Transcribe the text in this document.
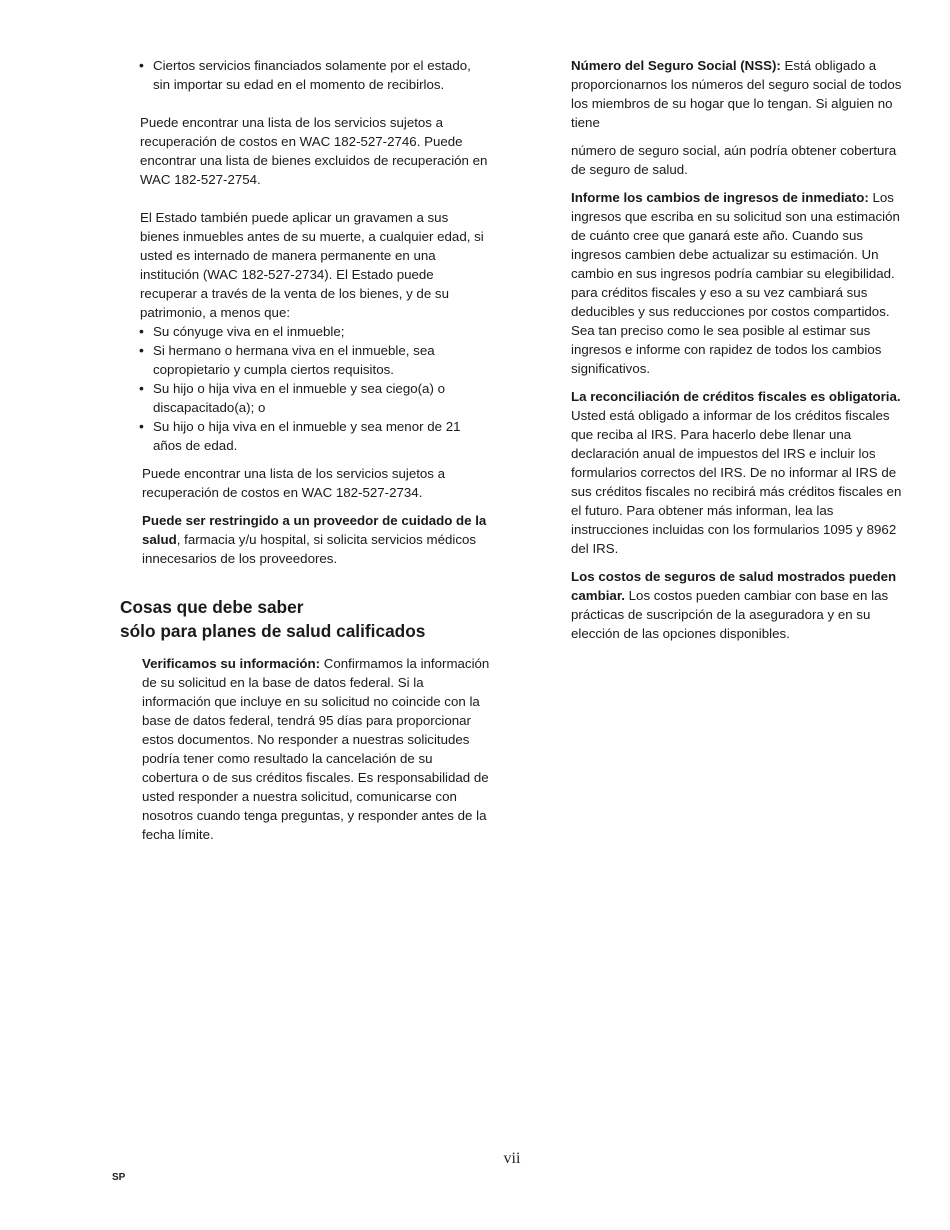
• Ciertos servicios financiados solamente por el estado, sin importar su edad en el momento de recibirlos.

Puede encontrar una lista de los servicios sujetos a recuperación de costos en WAC 182-527-2746. Puede encontrar una lista de bienes excluidos de recuperación en WAC 182-527-2754.

El Estado también puede aplicar un gravamen a sus bienes inmuebles antes de su muerte, a cualquier edad, si usted es internado de manera permanente en una institución (WAC 182-527-2734). El Estado puede recuperar a través de la venta de los bienes, y de su patrimonio, a menos que:

• Su cónyuge viva en el inmueble;
• Si hermano o hermana viva en el inmueble, sea copropietario y cumpla ciertos requisitos.
• Su hijo o hija viva en el inmueble y sea ciego(a) o discapacitado(a); o
• Su hijo o hija viva en el inmueble y sea menor de 21 años de edad.

Puede encontrar una lista de los servicios sujetos a recuperación de costos en WAC 182-527-2734.

Puede ser restringido a un proveedor de cuidado de la salud, farmacia y/u hospital, si solicita servicios médicos innecesarios de los proveedores.

Cosas que debe saber
sólo para planes de salud calificados

Verificamos su información: Confirmamos la información de su solicitud en la base de datos federal. Si la información que incluye en su solicitud no coincide con la base de datos federal, tendrá 95 días para proporcionar estos documentos. No responder a nuestras solicitudes podría tener como resultado la cancelación de su cobertura o de sus créditos fiscales. Es responsabilidad de usted responder a nuestra solicitud, comunicarse con nosotros cuando tenga preguntas, y responder antes de la fecha límite.

Número del Seguro Social (NSS): Está obligado a proporcionarnos los números del seguro social de todos los miembros de su hogar que lo tengan. Si alguien no tiene

número de seguro social, aún podría obtener cobertura de seguro de salud.

Informe los cambios de ingresos de inmediato: Los ingresos que escriba en su solicitud son una estimación de cuánto cree que ganará este año. Cuando sus ingresos cambien debe actualizar su estimación. Un cambio en sus ingresos podría cambiar su elegibilidad. para créditos fiscales y eso a su vez cambiará sus deducibles y sus reducciones por costos compartidos. Sea tan preciso como le sea posible al estimar sus ingresos e informe con rapidez de todos los cambios significativos.

La reconciliación de créditos fiscales es obligatoria. Usted está obligado a informar de los créditos fiscales que reciba al IRS. Para hacerlo debe llenar una declaración anual de impuestos del IRS e incluir los formularios correctos del IRS. De no informar al IRS de sus créditos fiscales no recibirá más créditos fiscales en el futuro. Para obtener más informan, lea las instrucciones incluidas con los formularios 1095 y 8962 del IRS.

Los costos de seguros de salud mostrados pueden cambiar. Los costos pueden cambiar con base en las prácticas de suscripción de la aseguradora y en su elección de las opciones disponibles.

vii
SP
